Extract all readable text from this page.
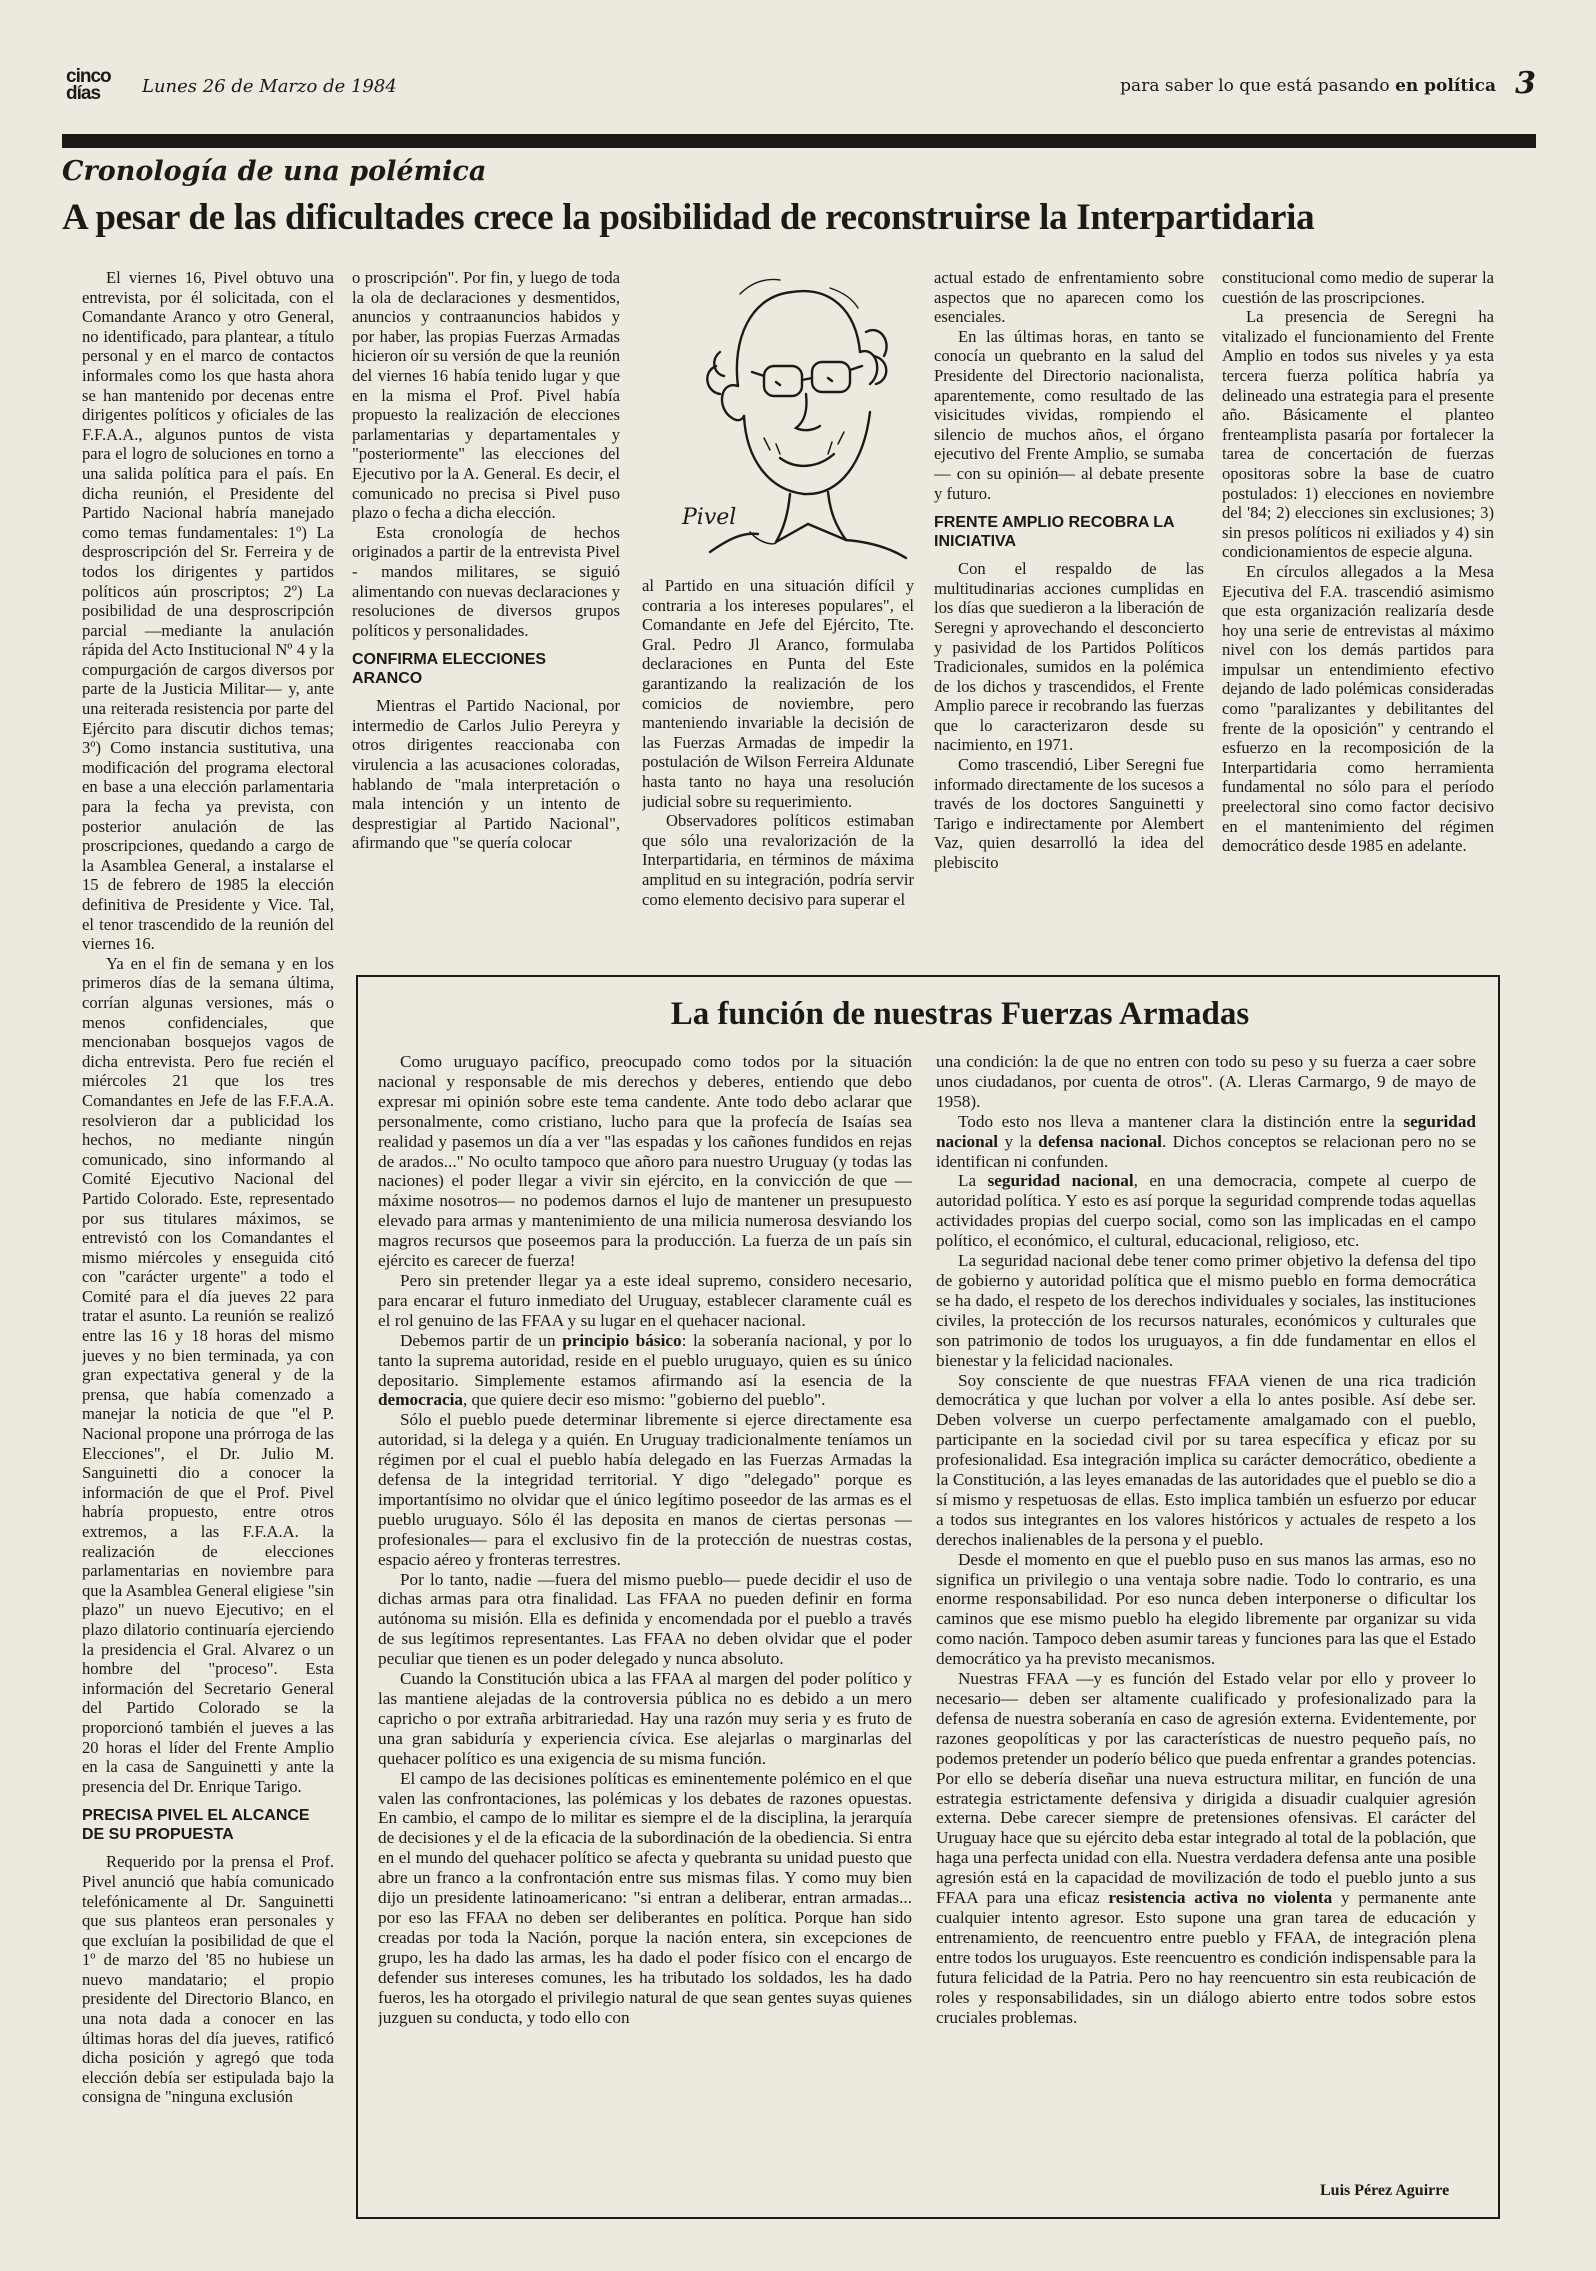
cinco
días	Lunes 26 de Marzo de 1984	para saber lo que está pasando en política 3
Cronología de una polémica
A pesar de las dificultades crece la posibilidad de reconstruirse la Interpartidaria

El viernes 16, Pivel obtuvo una entrevista, por él solicitada, con el Comandante Aranco y otro General, no identificado, para plantear, a título personal y en el marco de contactos informales como los que hasta ahora se han mantenido por decenas entre dirigentes políticos y oficiales de las F.F.A.A., algunos puntos de vista para el logro de soluciones en torno a una salida política para el país. En dicha reunión, el Presidente del Partido Nacional habría manejado como temas fundamentales: 1º) La desproscripción del Sr. Ferreira y de todos los dirigentes y partidos políticos aún proscriptos; 2º) La posibilidad de una desproscripción parcial —mediante la anulación rápida del Acto Institucional Nº 4 y la compurgación de cargos diversos por parte de la Justicia Militar— y, ante una reiterada resistencia por parte del Ejército para discutir dichos temas; 3º) Como instancia sustitutiva, una modificación del programa electoral en base a una elección parlamentaria para la fecha ya prevista, con posterior anulación de las proscripciones, quedando a cargo de la Asamblea General, a instalarse el 15 de febrero de 1985 la elección definitiva de Presidente y Vice. Tal, el tenor trascendido de la reunión del viernes 16.

Ya en el fin de semana y en los primeros días de la semana última, corrían algunas versiones, más o menos confidenciales, que mencionaban bosquejos vagos de dicha entrevista. Pero fue recién el miércoles 21 que los tres Comandantes en Jefe de las F.F.A.A. resolvieron dar a publicidad los hechos, no mediante ningún comunicado, sino informando al Comité Ejecutivo Nacional del Partido Colorado. Este, representado por sus titulares máximos, se entrevistó con los Comandantes el mismo miércoles y enseguida citó con "carácter urgente" a todo el Comité para el día jueves 22 para tratar el asunto. La reunión se realizó entre las 16 y 18 horas del mismo jueves y no bien terminada, ya con gran expectativa general y de la prensa, que había comenzado a manejar la noticia de que "el P. Nacional propone una prórroga de las Elecciones", el Dr. Julio M. Sanguinetti dio a conocer la información de que el Prof. Pivel habría propuesto, entre otros extremos, a las F.F.A.A. la realización de elecciones parlamentarias en noviembre para que la Asamblea General eligiese "sin plazo" un nuevo Ejecutivo; en el plazo dilatorio continuaría ejerciendo la presidencia el Gral. Alvarez o un hombre del "proceso". Esta información del Secretario General del Partido Colorado se la proporcionó también el jueves a las 20 horas el líder del Frente Amplio en la casa de Sanguinetti y ante la presencia del Dr. Enrique Tarigo.

PRECISA PIVEL EL ALCANCE DE SU PROPUESTA

Requerido por la prensa el Prof. Pivel anunció que había comunicado telefónicamente al Dr. Sanguinetti que sus planteos eran personales y que excluían la posibilidad de que el 1º de marzo del '85 no hubiese un nuevo mandatario; el propio presidente del Directorio Blanco, en una nota dada a conocer en las últimas horas del día jueves, ratificó dicha posición y agregó que toda elección debía ser estipulada bajo la consigna de "ninguna exclusión

o proscripción". Por fin, y luego de toda la ola de declaraciones y desmentidos, anuncios y contraanuncios habidos y por haber, las propias Fuerzas Armadas hicieron oír su versión de que la reunión del viernes 16 había tenido lugar y que en la misma el Prof. Pivel había propuesto la realización de elecciones parlamentarias y departamentales y "posteriormente" las elecciones del Ejecutivo por la A. General. Es decir, el comunicado no precisa si Pivel puso plazo o fecha a dicha elección.

Esta cronología de hechos originados a partir de la entrevista Pivel - mandos militares, se siguió alimentando con nuevas declaraciones y resoluciones de diversos grupos políticos y personalidades.

CONFIRMA ELECCIONES ARANCO

Mientras el Partido Nacional, por intermedio de Carlos Julio Pereyra y otros dirigentes reaccionaba con virulencia a las acusaciones coloradas, hablando de "mala interpretación o mala intención y un intento de desprestigiar al Partido Nacional", afirmando que "se quería colocar

Pivel

al Partido en una situación difícil y contraria a los intereses populares", el Comandante en Jefe del Ejército, Tte. Gral. Pedro Jl Aranco, formulaba declaraciones en Punta del Este garantizando la realización de los comicios de noviembre, pero manteniendo invariable la decisión de las Fuerzas Armadas de impedir la postulación de Wilson Ferreira Aldunate hasta tanto no haya una resolución judicial sobre su requerimiento.

Observadores políticos estimaban que sólo una revalorización de la Interpartidaria, en términos de máxima amplitud en su integración, podría servir como elemento decisivo para superar el

actual estado de enfrentamiento sobre aspectos que no aparecen como los esenciales.

En las últimas horas, en tanto se conocía un quebranto en la salud del Presidente del Directorio nacionalista, aparentemente, como resultado de las visicitudes vividas, rompiendo el silencio de muchos años, el órgano ejecutivo del Frente Amplio, se sumaba — con su opinión— al debate presente y futuro.

FRENTE AMPLIO RECOBRA LA INICIATIVA

Con el respaldo de las multitudinarias acciones cumplidas en los días que suedieron a la liberación de Seregni y aprovechando el desconcierto y pasividad de los Partidos Políticos Tradicionales, sumidos en la polémica de los dichos y trascendidos, el Frente Amplio parece ir recobrando las fuerzas que lo caracterizaron desde su nacimiento, en 1971.

Como trascendió, Liber Seregni fue informado directamente de los sucesos a través de los doctores Sanguinetti y Tarigo e indirectamente por Alembert Vaz, quien desarrolló la idea del plebiscito

constitucional como medio de superar la cuestión de las proscripciones.

La presencia de Seregni ha vitalizado el funcionamiento del Frente Amplio en todos sus niveles y ya esta tercera fuerza política habría ya delineado una estrategia para el presente año. Básicamente el planteo frenteamplista pasaría por fortalecer la tarea de concertación de fuerzas opositoras sobre la base de cuatro postulados: 1) elecciones en noviembre del '84; 2) elecciones sin exclusiones; 3) sin presos políticos ni exiliados y 4) sin condicionamientos de especie alguna.

En círculos allegados a la Mesa Ejecutiva del F.A. trascendió asimismo que esta organización realizaría desde hoy una serie de entrevistas al máximo nivel con los demás partidos para impulsar un entendimiento efectivo dejando de lado polémicas consideradas como "paralizantes y debilitantes del frente de la oposición" y centrando el esfuerzo en la recomposición de la Interpartidaria como herramienta fundamental no sólo para el período preelectoral sino como factor decisivo en el mantenimiento del régimen democrático desde 1985 en adelante.

La función de nuestras Fuerzas Armadas

Como uruguayo pacífico, preocupado como todos por la situación nacional y responsable de mis derechos y deberes, entiendo que debo expresar mi opinión sobre este tema candente. Ante todo debo aclarar que personalmente, como cristiano, lucho para que la profecía de Isaías sea realidad y pasemos un día a ver "las espadas y los cañones fundidos en rejas de arados..." No oculto tampoco que añoro para nuestro Uruguay (y todas las naciones) el poder llegar a vivir sin ejército, en la convicción de que —máxime nosotros— no podemos darnos el lujo de mantener un presupuesto elevado para armas y mantenimiento de una milicia numerosa desviando los magros recursos que poseemos para la producción. La fuerza de un país sin ejército es carecer de fuerza!

Pero sin pretender llegar ya a este ideal supremo, considero necesario, para encarar el futuro inmediato del Uruguay, establecer claramente cuál es el rol genuino de las FFAA y su lugar en el quehacer nacional.

Debemos partir de un principio básico: la soberanía nacional, y por lo tanto la suprema autoridad, reside en el pueblo uruguayo, quien es su único depositario. Simplemente estamos afirmando así la esencia de la democracia, que quiere decir eso mismo: "gobierno del pueblo".

Sólo el pueblo puede determinar libremente si ejerce directamente esa autoridad, si la delega y a quién. En Uruguay tradicionalmente teníamos un régimen por el cual el pueblo había delegado en las Fuerzas Armadas la defensa de la integridad territorial. Y digo "delegado" porque es importantísimo no olvidar que el único legítimo poseedor de las armas es el pueblo uruguayo. Sólo él las deposita en manos de ciertas personas —profesionales— para el exclusivo fin de la protección de nuestras costas, espacio aéreo y fronteras terrestres.

Por lo tanto, nadie —fuera del mismo pueblo— puede decidir el uso de dichas armas para otra finalidad. Las FFAA no pueden definir en forma autónoma su misión. Ella es definida y encomendada por el pueblo a través de sus legítimos representantes. Las FFAA no deben olvidar que el poder peculiar que tienen es un poder delegado y nunca absoluto.

Cuando la Constitución ubica a las FFAA al margen del poder político y las mantiene alejadas de la controversia pública no es debido a un mero capricho o por extraña arbitrariedad. Hay una razón muy seria y es fruto de una gran sabiduría y experiencia cívica. Ese alejarlas o marginarlas del quehacer político es una exigencia de su misma función.

El campo de las decisiones políticas es eminentemente polémico en el que valen las confrontaciones, las polémicas y los debates de razones opuestas. En cambio, el campo de lo militar es siempre el de la disciplina, la jerarquía de decisiones y el de la eficacia de la subordinación de la obediencia. Si entra en el mundo del quehacer político se afecta y quebranta su unidad puesto que abre un franco a la confrontación entre sus mismas filas. Y como muy bien dijo un presidente latinoamericano: "si entran a deliberar, entran armadas... por eso las FFAA no deben ser deliberantes en política. Porque han sido creadas por toda la Nación, porque la nación entera, sin excepciones de grupo, les ha dado las armas, les ha dado el poder físico con el encargo de defender sus intereses comunes, les ha tributado los soldados, les ha dado fueros, les ha otorgado el privilegio natural de que sean gentes suyas quienes juzguen su conducta, y todo ello con

una condición: la de que no entren con todo su peso y su fuerza a caer sobre unos ciudadanos, por cuenta de otros". (A. Lleras Carmargo, 9 de mayo de 1958).

Todo esto nos lleva a mantener clara la distinción entre la seguridad nacional y la defensa nacional. Dichos conceptos se relacionan pero no se identifican ni confunden.

La seguridad nacional, en una democracia, compete al cuerpo de autoridad política. Y esto es así porque la seguridad comprende todas aquellas actividades propias del cuerpo social, como son las implicadas en el campo político, el económico, el cultural, educacional, religioso, etc.

La seguridad nacional debe tener como primer objetivo la defensa del tipo de gobierno y autoridad política que el mismo pueblo en forma democrática se ha dado, el respeto de los derechos individuales y sociales, las instituciones civiles, la protección de los recursos naturales, económicos y culturales que son patrimonio de todos los uruguayos, a fin dde fundamentar en ellos el bienestar y la felicidad nacionales.

Soy consciente de que nuestras FFAA vienen de una rica tradición democrática y que luchan por volver a ella lo antes posible. Así debe ser. Deben volverse un cuerpo perfectamente amalgamado con el pueblo, participante en la sociedad civil por su tarea específica y eficaz por su profesionalidad. Esa integración implica su carácter democrático, obediente a la Constitución, a las leyes emanadas de las autoridades que el pueblo se dio a sí mismo y respetuosas de ellas. Esto implica también un esfuerzo por educar a todos sus integrantes en los valores históricos y actuales de respeto a los derechos inalienables de la persona y el pueblo.

Desde el momento en que el pueblo puso en sus manos las armas, eso no significa un privilegio o una ventaja sobre nadie. Todo lo contrario, es una enorme responsabilidad. Por eso nunca deben interponerse o dificultar los caminos que ese mismo pueblo ha elegido libremente par organizar su vida como nación. Tampoco deben asumir tareas y funciones para las que el Estado democrático ya ha previsto mecanismos.

Nuestras FFAA —y es función del Estado velar por ello y proveer lo necesario— deben ser altamente cualificado y profesionalizado para la defensa de nuestra soberanía en caso de agresión externa. Evidentemente, por razones geopolíticas y por las características de nuestro pequeño país, no podemos pretender un poderío bélico que pueda enfrentar a grandes potencias. Por ello se debería diseñar una nueva estructura militar, en función de una estrategia estrictamente defensiva y dirigida a disuadir cualquier agresión externa. Debe carecer siempre de pretensiones ofensivas. El carácter del Uruguay hace que su ejército deba estar integrado al total de la población, que haga una perfecta unidad con ella. Nuestra verdadera defensa ante una posible agresión está en la capacidad de movilización de todo el pueblo junto a sus FFAA para una eficaz resistencia activa no violenta y permanente ante cualquier intento agresor. Esto supone una gran tarea de educación y entrenamiento, de reencuentro entre pueblo y FFAA, de integración plena entre todos los uruguayos. Este reencuentro es condición indispensable para la futura felicidad de la Patria. Pero no hay reencuentro sin esta reubicación de roles y responsabilidades, sin un diálogo abierto entre todos sobre estos cruciales problemas.

Luis Pérez Aguirre
